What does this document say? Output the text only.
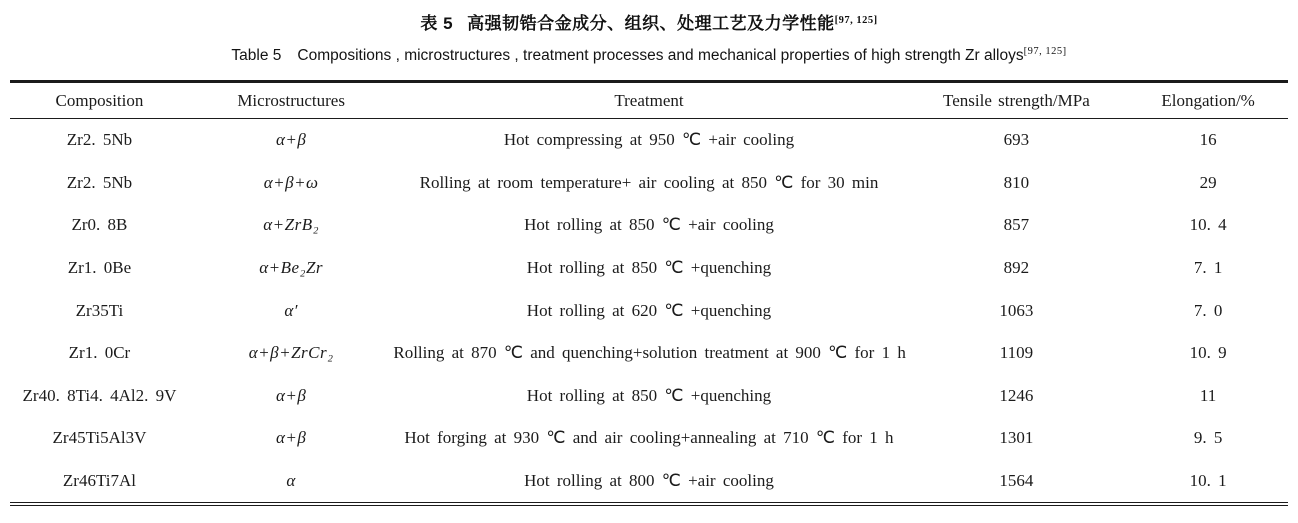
表 5 高强韧锆合金成分、组织、处理工艺及力学性能[97, 125]
Table 5 Compositions , microstructures , treatment processes and mechanical properties of high strength Zr alloys[97, 125]
Composition	Microstructures	Treatment	Tensile strength/MPa	Elongation/%
Zr2. 5Nb	α+β	Hot compressing at 950 ℃ +air cooling	693	16
Zr2. 5Nb	α+β+ω	Rolling at room temperature+ air cooling at 850 ℃ for 30 min	810	29
Zr0. 8B	α+ZrB₂	Hot rolling at 850 ℃ +air cooling	857	10. 4
Zr1. 0Be	α+Be₂Zr	Hot rolling at 850 ℃ +quenching	892	7. 1
Zr35Ti	α′	Hot rolling at 620 ℃ +quenching	1063	7. 0
Zr1. 0Cr	α+β+ZrCr₂	Rolling at 870 ℃ and quenching+solution treatment at 900 ℃ for 1 h	1109	10. 9
Zr40. 8Ti4. 4Al2. 9V	α+β	Hot rolling at 850 ℃ +quenching	1246	11
Zr45Ti5Al3V	α+β	Hot forging at 930 ℃ and air cooling+annealing at 710 ℃ for 1 h	1301	9. 5
Zr46Ti7Al	α	Hot rolling at 800 ℃ +air cooling	1564	10. 1
